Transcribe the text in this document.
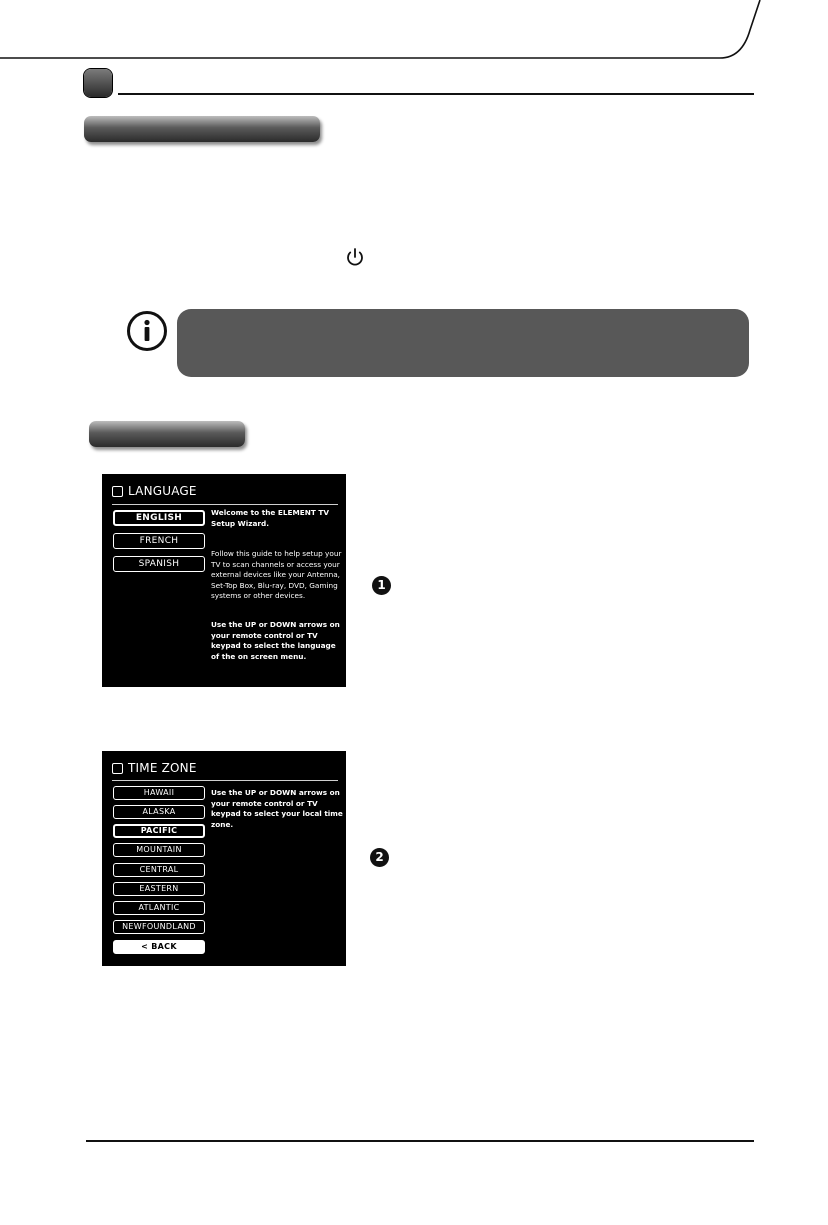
LANGUAGE
ENGLISH
FRENCH
SPANISH
Welcome to the ELEMENT TV Setup Wizard.
Follow this guide to help setup your TV to scan channels or access your external devices like your Antenna, Set-Top Box, Blu-ray, DVD, Gaming systems or other devices.
Use the UP or DOWN arrows on your remote control or TV keypad to select the language of the on screen menu.
1
TIME ZONE
HAWAII
ALASKA
PACIFIC
MOUNTAIN
CENTRAL
EASTERN
ATLANTIC
NEWFOUNDLAND
< BACK
Use the UP or DOWN arrows on your remote control or TV keypad to select your local time zone.
2
